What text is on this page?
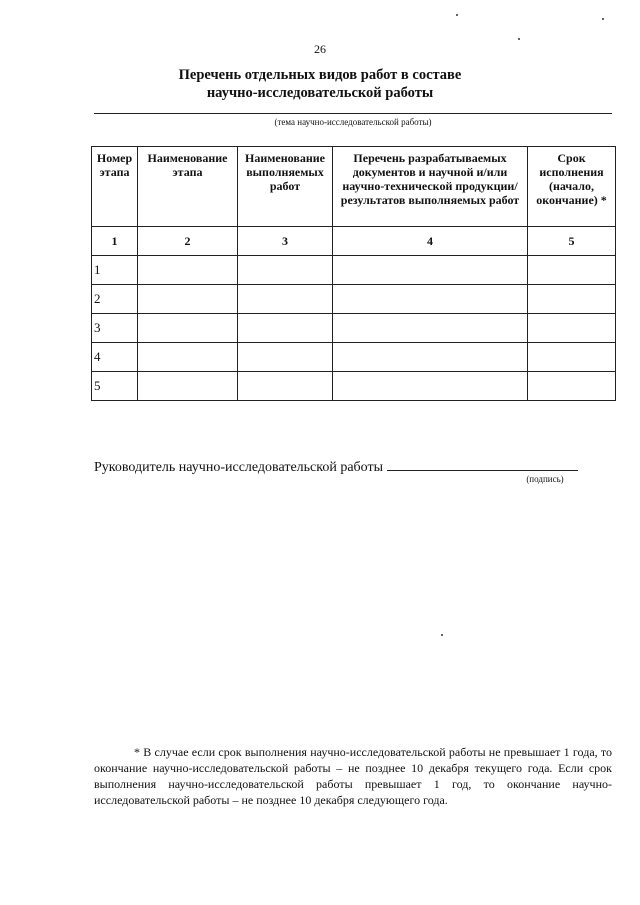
26
Перечень отдельных видов работ в составе
научно-исследовательской работы
(тема научно-исследовательской работы)
Номер этапа	Наименование этапа	Наименование выполняемых работ	Перечень разрабатываемых документов и научной и/или научно-технической продукции/результатов выполняемых работ	Срок исполнения (начало, окончание) *
1	2	3	4	5
1				
2				
3				
4				
5				
Руководитель научно-исследовательской работы
(подпись)
* В случае если срок выполнения научно-исследовательской работы не превышает 1 года, то окончание научно-исследовательской работы – не позднее 10 декабря текущего года. Если срок выполнения научно-исследовательской работы превышает 1 год, то окончание научно-исследовательской работы – не позднее 10 декабря следующего года.
